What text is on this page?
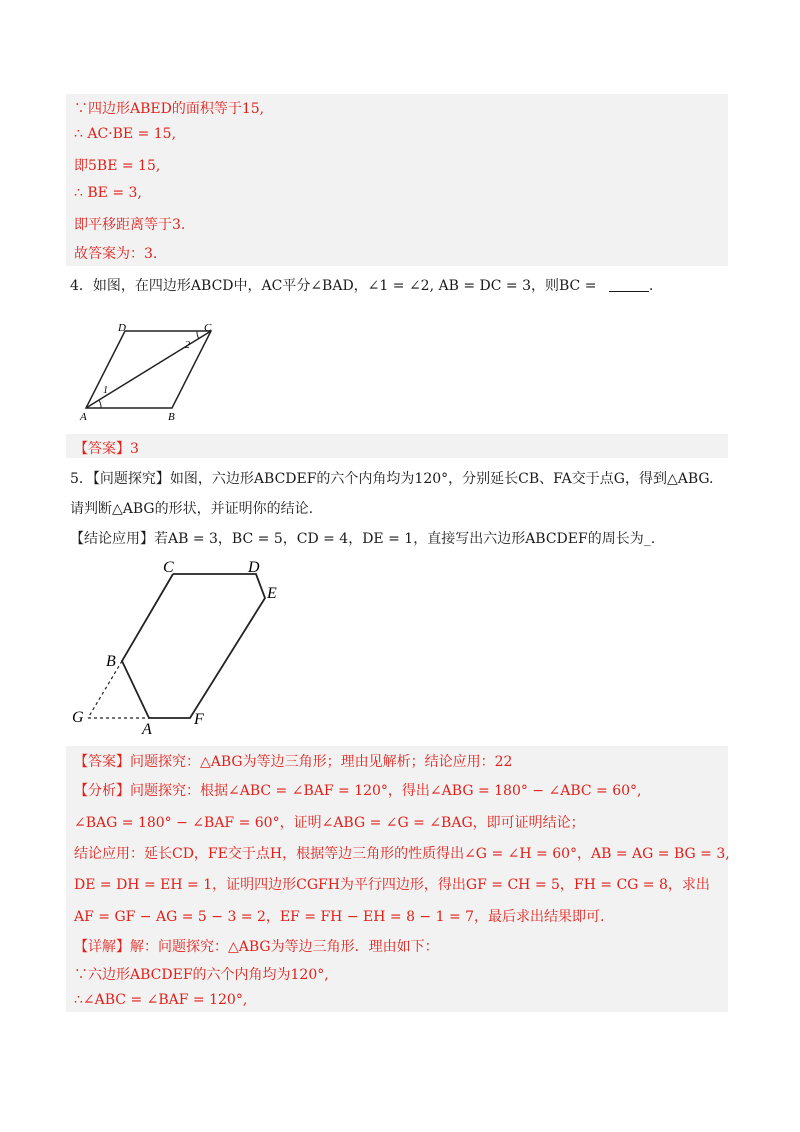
∵四边形ABED的面积等于15,
∴ AC·BE = 15,
即5BE = 15,
∴ BE = 3,
即平移距离等于3.
故答案为：3.
4．如图，在四边形ABCD中，AC平分∠BAD，∠1 = ∠2, AB = DC = 3，则BC =	.
D	C
A	B
1
2
【答案】3
5．【问题探究】如图，六边形ABCDEF的六个内角均为120°，分别延长CB、FA交于点G，得到△ABG.
请判断△ABG的形状，并证明你的结论.
【结论应用】若AB = 3，BC = 5，CD = 4，DE = 1，直接写出六边形ABCDEF的周长为_.
C	D
E
B
G
A
F
【答案】问题探究：△ABG为等边三角形；理由见解析；结论应用：22
【分析】问题探究：根据∠ABC = ∠BAF = 120°，得出∠ABG = 180° − ∠ABC = 60°,
∠BAG = 180° − ∠BAF = 60°，证明∠ABG = ∠G = ∠BAG，即可证明结论；
结论应用：延长CD，FE交于点H，根据等边三角形的性质得出∠G = ∠H = 60°，AB = AG = BG = 3,
DE = DH = EH = 1，证明四边形CGFH为平行四边形，得出GF = CH = 5，FH = CG = 8，求出
AF = GF − AG = 5 − 3 = 2，EF = FH − EH = 8 − 1 = 7，最后求出结果即可.
【详解】解：问题探究：△ABG为等边三角形．理由如下：
∵六边形ABCDEF的六个内角均为120°,
∴∠ABC = ∠BAF = 120°,
